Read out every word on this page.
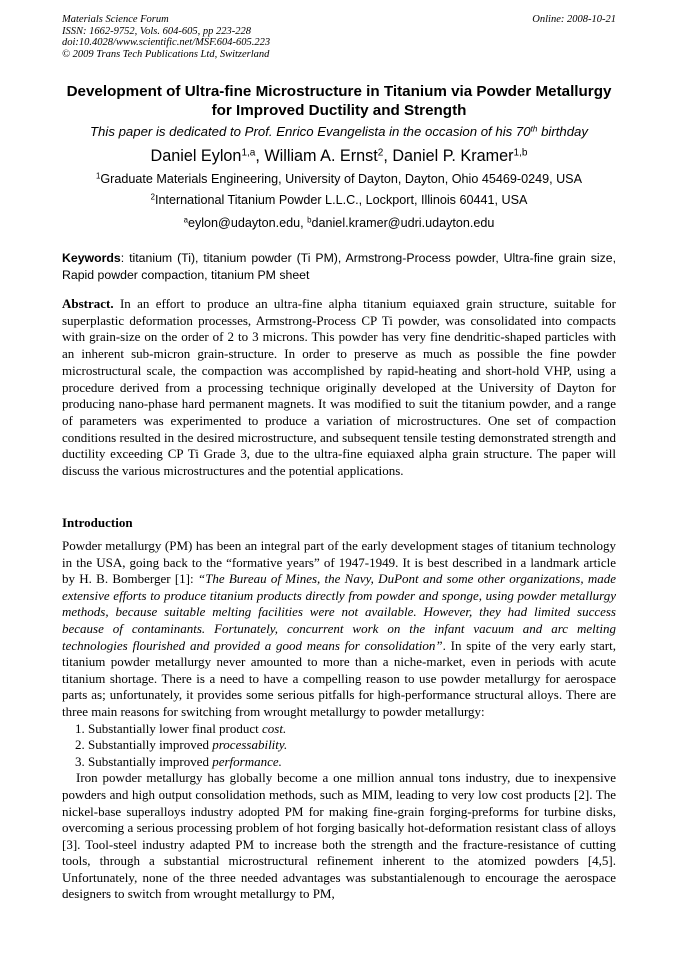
Materials Science Forum
ISSN: 1662-9752, Vols. 604-605, pp 223-228
doi:10.4028/www.scientific.net/MSF.604-605.223
© 2009 Trans Tech Publications Ltd, Switzerland
Online: 2008-10-21
Development of Ultra-fine Microstructure in Titanium via Powder Metallurgy for Improved Ductility and Strength
This paper is dedicated to Prof. Enrico Evangelista in the occasion of his 70th birthday
Daniel Eylon$^{1,a}$, William A. Ernst$^2$, Daniel P. Kramer$^{1,b}$
$^1$Graduate Materials Engineering, University of Dayton, Dayton, Ohio 45469-0249, USA
$^2$International Titanium Powder L.L.C., Lockport, Illinois 60441, USA
$^a$eylon@udayton.edu, $^b$daniel.kramer@udri.udayton.edu
Keywords: titanium (Ti), titanium powder (Ti PM), Armstrong-Process powder, Ultra-fine grain size, Rapid powder compaction, titanium PM sheet
Abstract. In an effort to produce an ultra-fine alpha titanium equiaxed grain structure, suitable for superplastic deformation processes, Armstrong-Process CP Ti powder, was consolidated into compacts with grain-size on the order of 2 to 3 microns. This powder has very fine dendritic-shaped particles with an inherent sub-micron grain-structure. In order to preserve as much as possible the fine powder microstructural scale, the compaction was accomplished by rapid-heating and short-hold VHP, using a procedure derived from a processing technique originally developed at the University of Dayton for producing nano-phase hard permanent magnets. It was modified to suit the titanium powder, and a range of parameters was experimented to produce a variation of microstructures. One set of compaction conditions resulted in the desired microstructure, and subsequent tensile testing demonstrated strength and ductility exceeding CP Ti Grade 3, due to the ultra-fine equiaxed alpha grain structure. The paper will discuss the various microstructures and the potential applications.
Introduction

Powder metallurgy (PM) has been an integral part of the early development stages of titanium technology in the USA, going back to the “formative years” of 1947-1949. It is best described in a landmark article by H. B. Bomberger [1]: “The Bureau of Mines, the Navy, DuPont and some other organizations, made extensive efforts to produce titanium products directly from powder and sponge, using powder metallurgy methods, because suitable melting facilities were not available. However, they had limited success because of contaminants. Fortunately, concurrent work on the infant vacuum and arc melting technologies flourished and provided a good means for consolidation”. In spite of the very early start, titanium powder metallurgy never amounted to more than a niche-market, even in periods with acute titanium shortage. There is a need to have a compelling reason to use powder metallurgy for aerospace parts as; unfortunately, it provides some serious pitfalls for high-performance structural alloys. There are three main reasons for switching from wrought metallurgy to powder metallurgy:

1. Substantially lower final product cost.
2. Substantially improved processability.
3. Substantially improved performance.

Iron powder metallurgy has globally become a one million annual tons industry, due to inexpensive powders and high output consolidation methods, such as MIM, leading to very low cost products [2]. The nickel-base superalloys industry adopted PM for making fine-grain forging-preforms for turbine disks, overcoming a serious processing problem of hot forging basically hot-deformation resistant class of alloys [3]. Tool-steel industry adapted PM to increase both the strength and the fracture-resistance of cutting tools, through a substantial microstructural refinement inherent to the atomized powders [4,5]. Unfortunately, none of the three needed advantages was substantialenough to encourage the aerospace designers to switch from wrought metallurgy to PM,
